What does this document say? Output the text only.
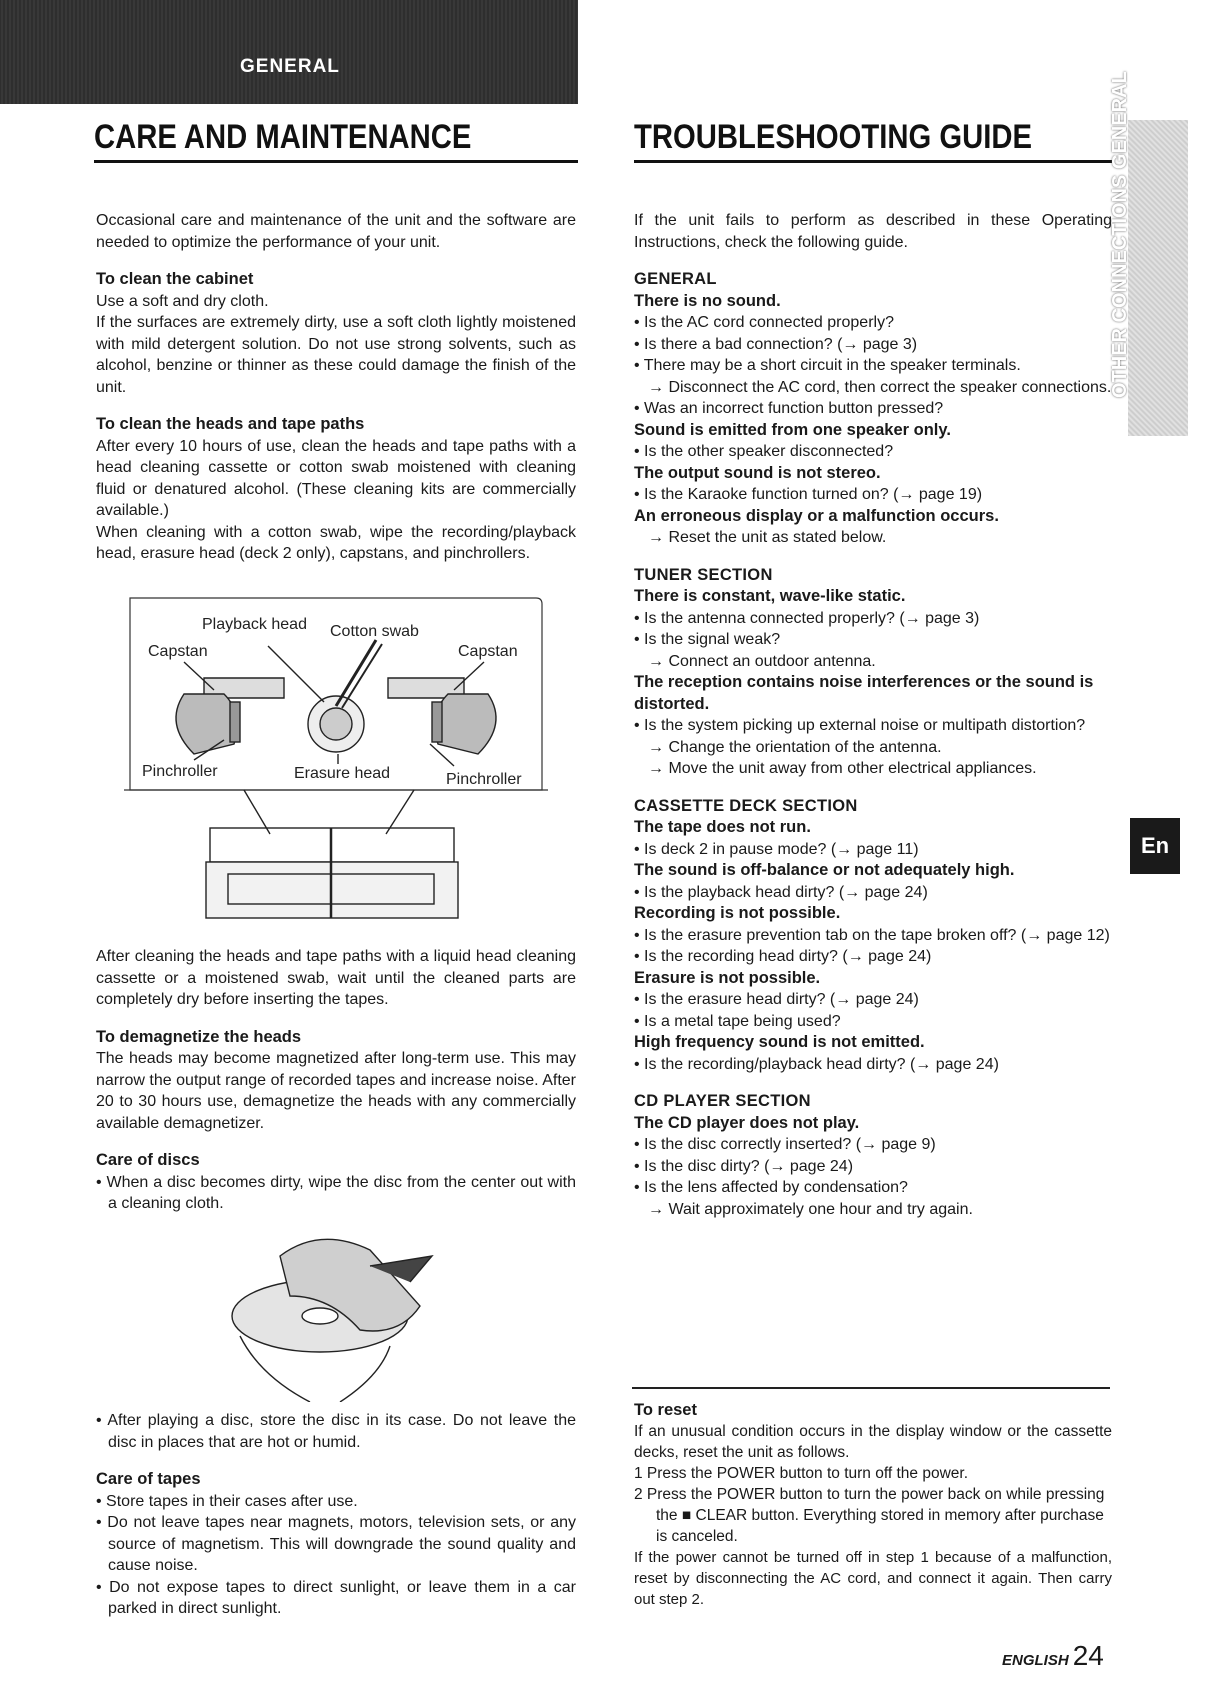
GENERAL
CARE AND MAINTENANCE	TROUBLESHOOTING GUIDE	OTHER CONNECTIONS GENERAL
En

Occasional care and maintenance of the unit and the software are needed to optimize the performance of your unit.

To clean the cabinet

Use a soft and dry cloth.

If the surfaces are extremely dirty, use a soft cloth lightly moistened with mild detergent solution. Do not use strong solvents, such as alcohol, benzine or thinner as these could damage the finish of the unit.

To clean the heads and tape paths

After every 10 hours of use, clean the heads and tape paths with a head cleaning cassette or cotton swab moistened with cleaning fluid or denatured alcohol. (These cleaning kits are commercially available.)

When cleaning with a cotton swab, wipe the recording/playback head, erasure head (deck 2 only), capstans, and pinchrollers.

Playback head Cotton swab
Capstan	Capstan
Pinchroller	Erasure head	Pinchroller

After cleaning the heads and tape paths with a liquid head cleaning cassette or a moistened swab, wait until the cleaned parts are completely dry before inserting the tapes.

To demagnetize the heads

The heads may become magnetized after long-term use. This may narrow the output range of recorded tapes and increase noise. After 20 to 30 hours use, demagnetize the heads with any commercially available demagnetizer.

Care of discs

• When a disc becomes dirty, wipe the disc from the center out with a cleaning cloth.

• After playing a disc, store the disc in its case. Do not leave the disc in places that are hot or humid.

Care of tapes

• Store tapes in their cases after use.

• Do not leave tapes near magnets, motors, television sets, or any source of magnetism. This will downgrade the sound quality and cause noise.

• Do not expose tapes to direct sunlight, or leave them in a car parked in direct sunlight.

If the unit fails to perform as described in these Operating Instructions, check the following guide.

GENERAL

There is no sound.

• Is the AC cord connected properly?

• Is there a bad connection? (→ page 3)

• There may be a short circuit in the speaker terminals.

→ Disconnect the AC cord, then correct the speaker connections.

• Was an incorrect function button pressed?

Sound is emitted from one speaker only.

• Is the other speaker disconnected?

The output sound is not stereo.

• Is the Karaoke function turned on? (→ page 19)

An erroneous display or a malfunction occurs.

→ Reset the unit as stated below.

TUNER SECTION

There is constant, wave-like static.

• Is the antenna connected properly? (→ page 3)

• Is the signal weak?

→ Connect an outdoor antenna.

The reception contains noise interferences or the sound is distorted.

• Is the system picking up external noise or multipath distortion?

→ Change the orientation of the antenna.

→ Move the unit away from other electrical appliances.

CASSETTE DECK SECTION

The tape does not run.

• Is deck 2 in pause mode? (→ page 11)

The sound is off-balance or not adequately high.

• Is the playback head dirty? (→ page 24)

Recording is not possible.

• Is the erasure prevention tab on the tape broken off? (→ page 12)

• Is the recording head dirty? (→ page 24)

Erasure is not possible.

• Is the erasure head dirty? (→ page 24)

• Is a metal tape being used?

High frequency sound is not emitted.

• Is the recording/playback head dirty? (→ page 24)

CD PLAYER SECTION

The CD player does not play.

• Is the disc correctly inserted? (→ page 9)

• Is the disc dirty? (→ page 24)

• Is the lens affected by condensation?

→ Wait approximately one hour and try again.

To reset

If an unusual condition occurs in the display window or the cassette decks, reset the unit as follows.

1 Press the POWER button to turn off the power.

2 Press the POWER button to turn the power back on while pressing the ■ CLEAR button. Everything stored in memory after purchase is canceled.

If the power cannot be turned off in step 1 because of a malfunction, reset by disconnecting the AC cord, and connect it again. Then carry out step 2.

ENGLISH 24
